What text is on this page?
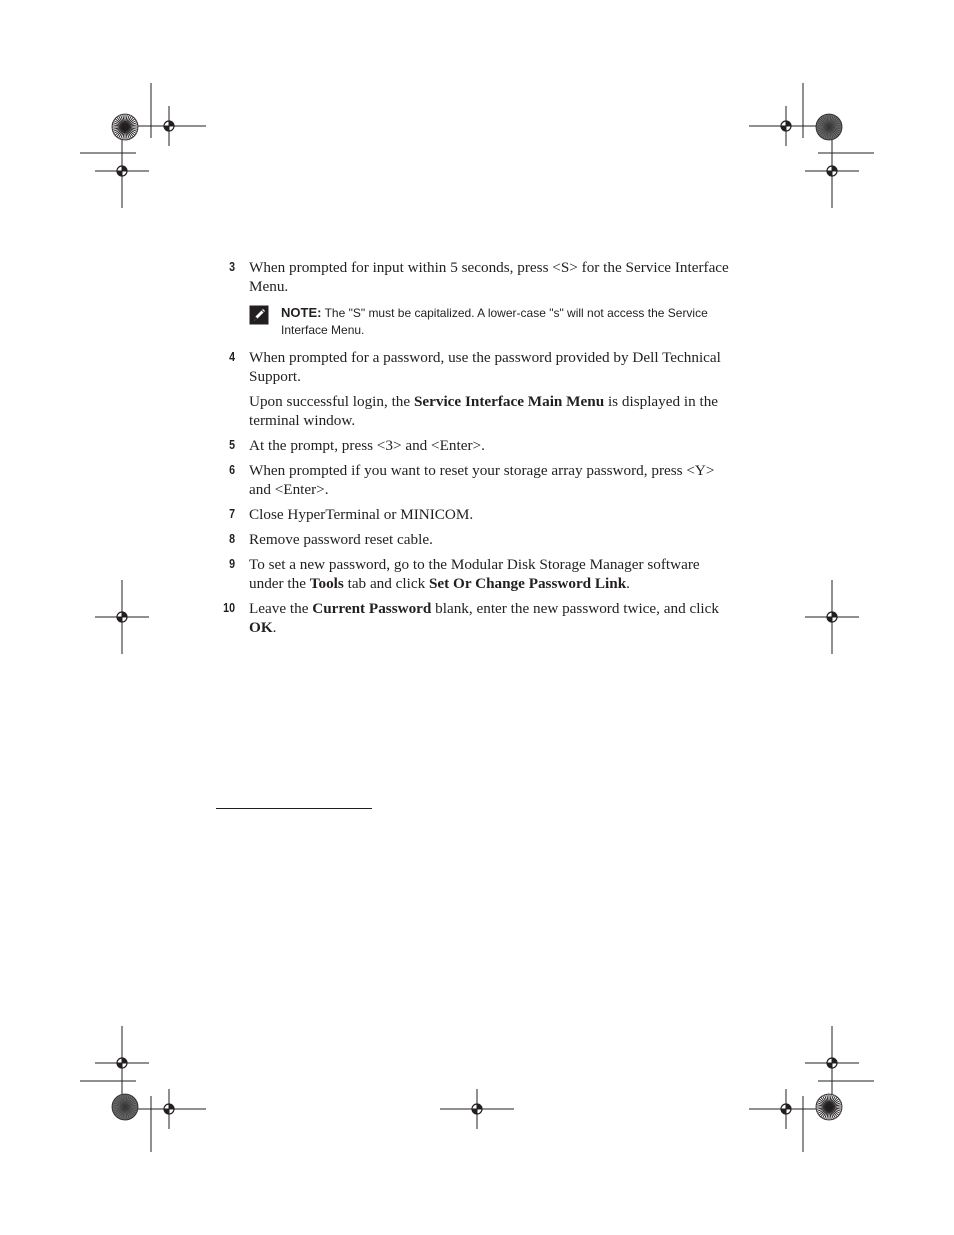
3 When prompted for input within 5 seconds, press <S> for the Service Interface Menu.

NOTE: The "S" must be capitalized. A lower-case "s" will not access the Service Interface Menu.
4 When prompted for a password, use the password provided by Dell Technical Support.

Upon successful login, the Service Interface Main Menu is displayed in the terminal window.

5 At the prompt, press <3> and <Enter>.

6 When prompted if you want to reset your storage array password, press <Y> and <Enter>.

7 Close HyperTerminal or MINICOM.

8 Remove password reset cable.

9 To set a new password, go to the Modular Disk Storage Manager software under the Tools tab and click Set Or Change Password Link.

10 Leave the Current Password blank, enter the new password twice, and click OK.
